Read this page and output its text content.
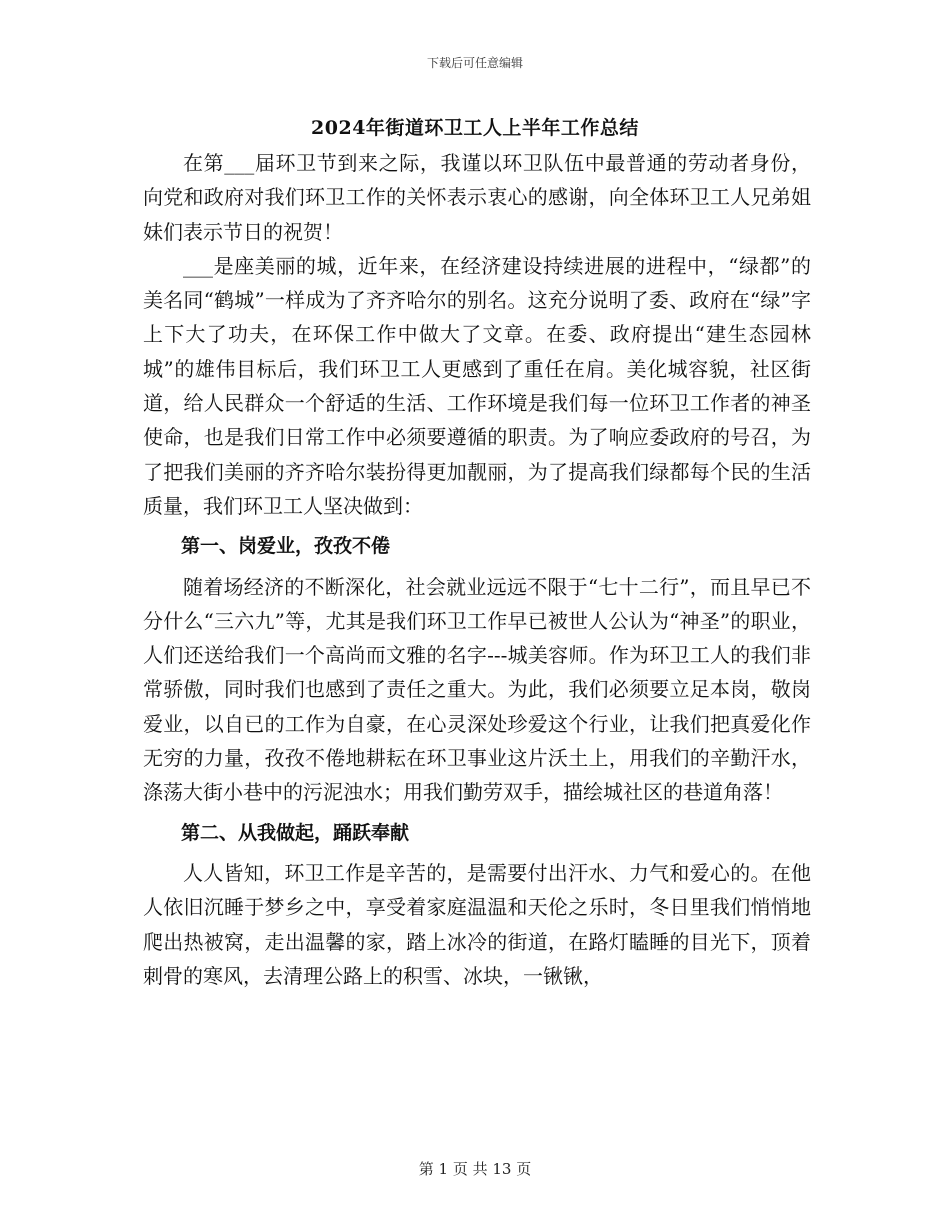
下载后可任意编辑
2024年街道环卫工人上半年工作总结

在第___届环卫节到来之际，我谨以环卫队伍中最普通的劳动者身份，向党和政府对我们环卫工作的关怀表示衷心的感谢，向全体环卫工人兄弟姐妹们表示节日的祝贺！

___是座美丽的城，近年来，在经济建设持续进展的进程中，“绿都”的美名同“鹤城”一样成为了齐齐哈尔的别名。这充分说明了委、政府在“绿”字上下大了功夫，在环保工作中做大了文章。在委、政府提出“建生态园林城”的雄伟目标后，我们环卫工人更感到了重任在肩。美化城容貌，社区街道，给人民群众一个舒适的生活、工作环境是我们每一位环卫工作者的神圣使命，也是我们日常工作中必须要遵循的职责。为了响应委政府的号召，为了把我们美丽的齐齐哈尔装扮得更加靓丽，为了提高我们绿都每个民的生活质量，我们环卫工人坚决做到：

第一、岗爱业，孜孜不倦

随着场经济的不断深化，社会就业远远不限于“七十二行”，而且早已不分什么“三六九”等，尤其是我们环卫工作早已被世人公认为“神圣”的职业，人们还送给我们一个高尚而文雅的名字---城美容师。作为环卫工人的我们非常骄傲，同时我们也感到了责任之重大。为此，我们必须要立足本岗，敬岗爱业，以自已的工作为自豪，在心灵深处珍爱这个行业，让我们把真爱化作无穷的力量，孜孜不倦地耕耘在环卫事业这片沃土上，用我们的辛勤汗水，涤荡大街小巷中的污泥浊水；用我们勤劳双手，描绘城社区的巷道角落！

第二、从我做起，踊跃奉献

人人皆知，环卫工作是辛苦的，是需要付出汗水、力气和爱心的。在他人依旧沉睡于梦乡之中，享受着家庭温温和天伦之乐时，冬日里我们悄悄地爬出热被窝，走出温馨的家，踏上冰冷的街道，在路灯瞌睡的目光下，顶着刺骨的寒风，去清理公路上的积雪、冰块，一锹锹，

第 1 页 共 13 页
